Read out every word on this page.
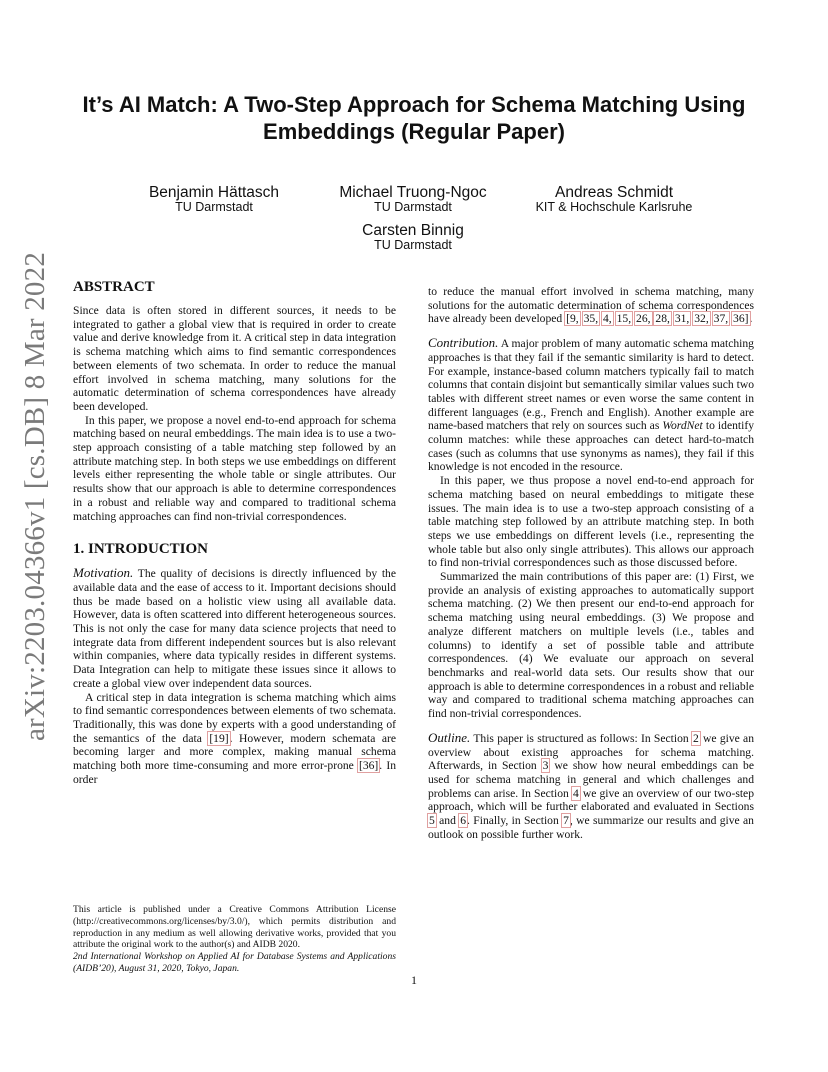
arXiv:2203.04366v1 [cs.DB] 8 Mar 2022
It’s AI Match: A Two-Step Approach for Schema Matching Using Embeddings (Regular Paper)
Benjamin Hättasch
TU Darmstadt
Michael Truong-Ngoc
TU Darmstadt
Andreas Schmidt
KIT & Hochschule Karlsruhe
Carsten Binnig
TU Darmstadt
ABSTRACT

Since data is often stored in different sources, it needs to be integrated to gather a global view that is required in order to create value and derive knowledge from it. A critical step in data integration is schema matching which aims to find semantic correspondences between elements of two schemata. In order to reduce the manual effort involved in schema matching, many solutions for the automatic determination of schema correspondences have already been developed.

In this paper, we propose a novel end-to-end approach for schema matching based on neural embeddings. The main idea is to use a two-step approach consisting of a table matching step followed by an attribute matching step. In both steps we use embeddings on different levels either representing the whole table or single attributes. Our results show that our approach is able to determine correspondences in a robust and reliable way and compared to traditional schema matching approaches can find non-trivial correspondences.

1. INTRODUCTION

Motivation. The quality of decisions is directly influenced by the available data and the ease of access to it. Important decisions should thus be made based on a holistic view using all available data. However, data is often scattered into different heterogeneous sources. This is not only the case for many data science projects that need to integrate data from different independent sources but is also relevant within companies, where data typically resides in different systems. Data Integration can help to mitigate these issues since it allows to create a global view over independent data sources.

A critical step in data integration is schema matching which aims to find semantic correspondences between elements of two schemata. Traditionally, this was done by experts with a good understanding of the semantics of the data [19]. However, modern schemata are becoming larger and more complex, making manual schema matching both more time-consuming and more error-prone [36]. In order

to reduce the manual effort involved in schema matching, many solutions for the automatic determination of schema correspondences have already been developed [9, 35, 4, 15, 26, 28, 31, 32, 37, 36].

Contribution. A major problem of many automatic schema matching approaches is that they fail if the semantic similarity is hard to detect. For example, instance-based column matchers typically fail to match columns that contain disjoint but semantically similar values such two tables with different street names or even worse the same content in different languages (e.g., French and English). Another example are name-based matchers that rely on sources such as WordNet to identify column matches: while these approaches can detect hard-to-match cases (such as columns that use synonyms as names), they fail if this knowledge is not encoded in the resource.

In this paper, we thus propose a novel end-to-end approach for schema matching based on neural embeddings to mitigate these issues. The main idea is to use a two-step approach consisting of a table matching step followed by an attribute matching step. In both steps we use embeddings on different levels (i.e., representing the whole table but also only single attributes). This allows our approach to find non-trivial correspondences such as those discussed before.

Summarized the main contributions of this paper are: (1) First, we provide an analysis of existing approaches to automatically support schema matching. (2) We then present our end-to-end approach for schema matching using neural embeddings. (3) We propose and analyze different matchers on multiple levels (i.e., tables and columns) to identify a set of possible table and attribute correspondences. (4) We evaluate our approach on several benchmarks and real-world data sets. Our results show that our approach is able to determine correspondences in a robust and reliable way and compared to traditional schema matching approaches can find non-trivial correspondences.

Outline. This paper is structured as follows: In Section 2 we give an overview about existing approaches for schema matching. Afterwards, in Section 3 we show how neural embeddings can be used for schema matching in general and which challenges and problems can arise. In Section 4 we give an overview of our two-step approach, which will be further elaborated and evaluated in Sections 5 and 6. Finally, in Section 7, we summarize our results and give an outlook on possible further work.

This article is published under a Creative Commons Attribution License (http://creativecommons.org/licenses/by/3.0/), which permits distribution and reproduction in any medium as well allowing derivative works, provided that you attribute the original work to the author(s) and AIDB 2020.

2nd International Workshop on Applied AI for Database Systems and Applications (AIDB’20), August 31, 2020, Tokyo, Japan.

1
